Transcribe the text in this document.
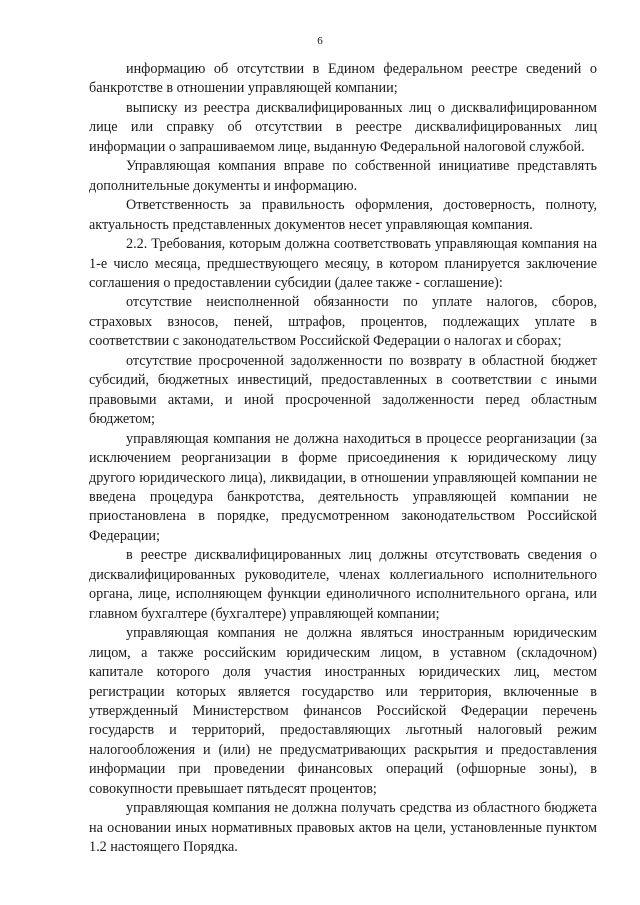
6

информацию об отсутствии в Едином федеральном реестре сведений о банкротстве в отношении управляющей компании;

выписку из реестра дисквалифицированных лиц о дисквалифицированном лице или справку об отсутствии в реестре дисквалифицированных лиц информации о запрашиваемом лице, выданную Федеральной налоговой службой.

Управляющая компания вправе по собственной инициативе представлять дополнительные документы и информацию.

Ответственность за правильность оформления, достоверность, полноту, актуальность представленных документов несет управляющая компания.

2.2. Требования, которым должна соответствовать управляющая компания на 1-е число месяца, предшествующего месяцу, в котором планируется заключение соглашения о предоставлении субсидии (далее также - соглашение):

отсутствие неисполненной обязанности по уплате налогов, сборов, страховых взносов, пеней, штрафов, процентов, подлежащих уплате в соответствии с законодательством Российской Федерации о налогах и сборах;

отсутствие просроченной задолженности по возврату в областной бюджет субсидий, бюджетных инвестиций, предоставленных в соответствии с иными правовыми актами, и иной просроченной задолженности перед областным бюджетом;

управляющая компания не должна находиться в процессе реорганизации (за исключением реорганизации в форме присоединения к юридическому лицу другого юридического лица), ликвидации, в отношении управляющей компании не введена процедура банкротства, деятельность управляющей компании не приостановлена в порядке, предусмотренном законодательством Российской Федерации;

в реестре дисквалифицированных лиц должны отсутствовать сведения о дисквалифицированных руководителе, членах коллегиального исполнительного органа, лице, исполняющем функции единоличного исполнительного органа, или главном бухгалтере (бухгалтере) управляющей компании;

управляющая компания не должна являться иностранным юридическим лицом, а также российским юридическим лицом, в уставном (складочном) капитале которого доля участия иностранных юридических лиц, местом регистрации которых является государство или территория, включенные в утвержденный Министерством финансов Российской Федерации перечень государств и территорий, предоставляющих льготный налоговый режим налогообложения и (или) не предусматривающих раскрытия и предоставления информации при проведении финансовых операций (офшорные зоны), в совокупности превышает пятьдесят процентов;

управляющая компания не должна получать средства из областного бюджета на основании иных нормативных правовых актов на цели, установленные пунктом 1.2 настоящего Порядка.
